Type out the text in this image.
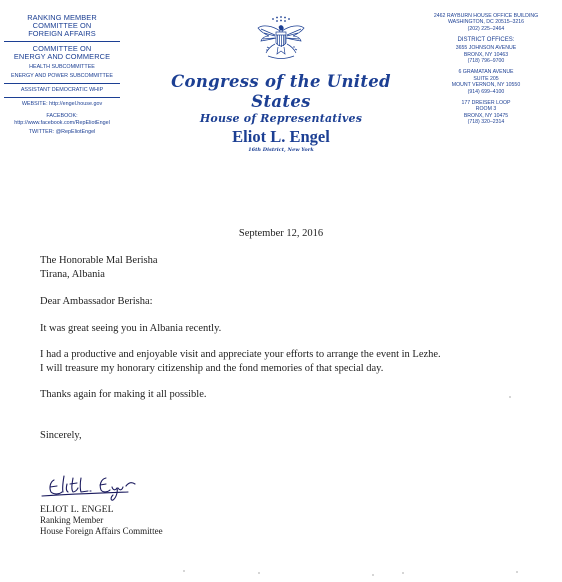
RANKING MEMBER
COMMITTEE ON
FOREIGN AFFAIRS
COMMITTEE ON
ENERGY AND COMMERCE
HEALTH SUBCOMMITTEE
ENERGY AND POWER SUBCOMMITTEE
ASSISTANT DEMOCRATIC WHIP
WEBSITE: http://engel.house.gov
FACEBOOK:
http://www.facebook.com/RepEliotEngel
TWITTER: @RepEliotEngel
Congress of the United States
House of Representatives
Eliot L. Engel
16th District, New York
2462 RAYBURN HOUSE OFFICE BUILDING
WASHINGTON, DC 20515–3216
(202) 225–2464
DISTRICT OFFICES:
3655 JOHNSON AVENUE
BRONX, NY 10463
(718) 796–9700
6 GRAMATAN AVENUE
SUITE 205
MOUNT VERNON, NY 10550
(914) 699–4100
177 DREISER LOOP
ROOM 3
BRONX, NY 10475
(718) 320–2314
September 12, 2016

The Honorable Mal Berisha

Tirana, Albania

Dear Ambassador Berisha:

It was great seeing you in Albania recently.

I had a productive and enjoyable visit and appreciate your efforts to arrange the event in Lezhe.

I will treasure my honorary citizenship and the fond memories of that special day.

Thanks again for making it all possible.

Sincerely,

ELIOT L. ENGEL
Ranking Member
House Foreign Affairs Committee
